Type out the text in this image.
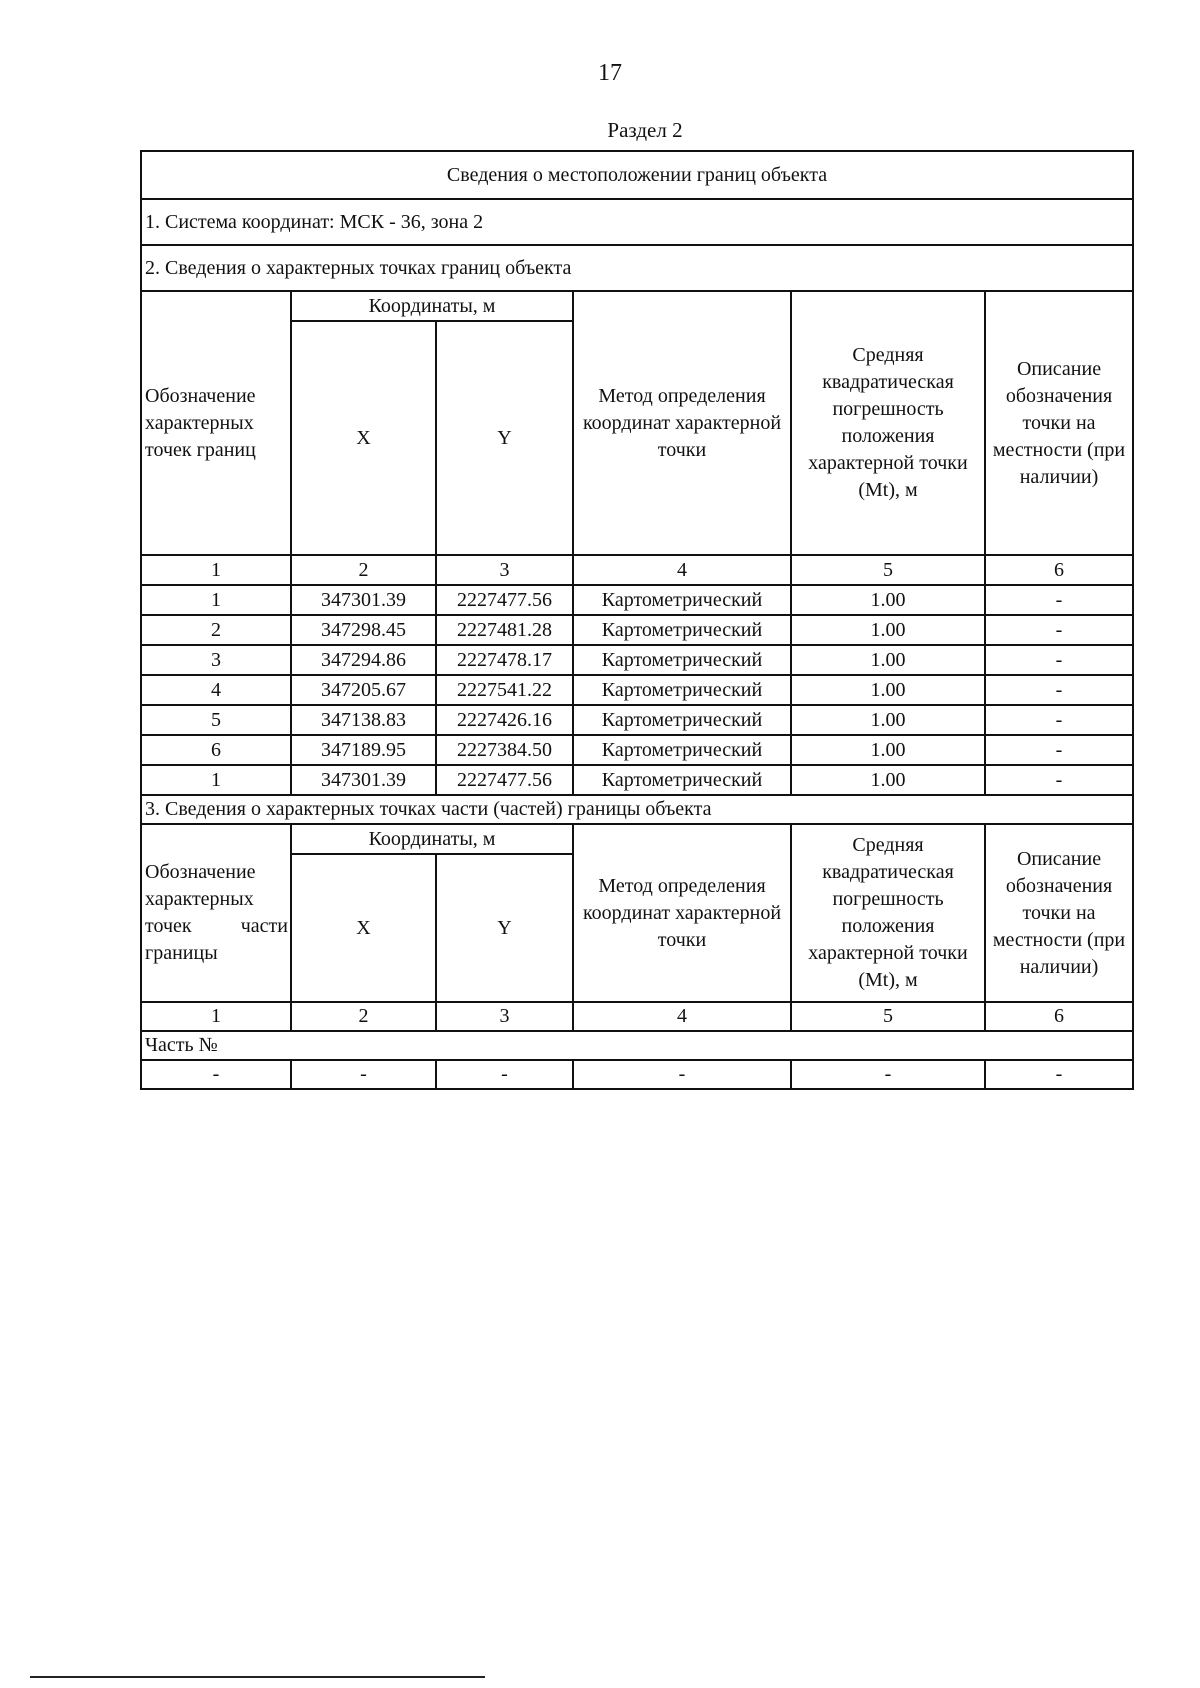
17
Раздел 2
Сведения о местоположении границ объекта					
1. Система координат: МСК - 36, зона 2					
2. Сведения о характерных точках границ объекта					
Обозначение характерных точек границ	Координаты, м		Метод определения координат характерной точки	Средняя квадратическая погрешность положения характерной точки (Mt), м	Описание обозначения точки на местности (при наличии)
	X	Y			
1	2	3	4	5	6
1	347301.39	2227477.56	Картометрический	1.00	-
2	347298.45	2227481.28	Картометрический	1.00	-
3	347294.86	2227478.17	Картометрический	1.00	-
4	347205.67	2227541.22	Картометрический	1.00	-
5	347138.83	2227426.16	Картометрический	1.00	-
6	347189.95	2227384.50	Картометрический	1.00	-
1	347301.39	2227477.56	Картометрический	1.00	-
3. Сведения о характерных точках части (частей) границы объекта					

Обозначение
характерных
точек части
границы	Координаты, м		Метод определения координат характерной точки	Средняя квадратическая погрешность положения характерной точки (Mt), м	Описание обозначения точки на местности (при наличии)
	X	Y			
1	2	3	4	5	6
Часть №					
-	-	-	-	-	-
